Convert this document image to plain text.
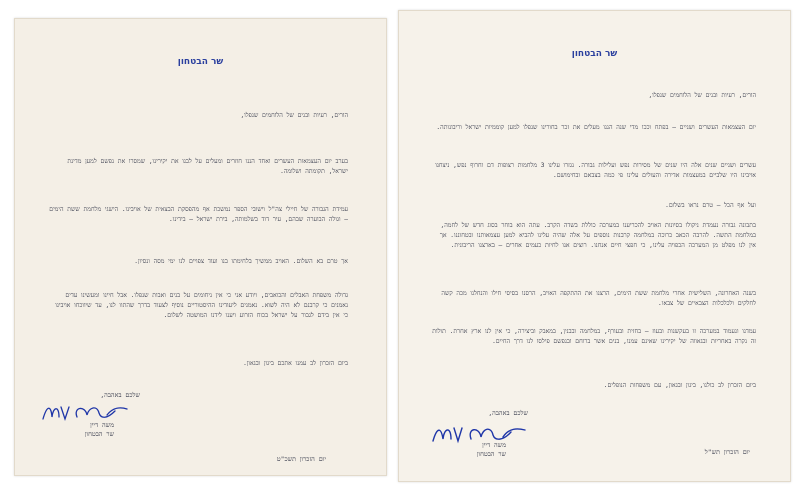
שר הבטחון
הורים, רעיות ובנים של הלוחמים שנפלו,
בערב יום העצמאות העשרים ואחד הננו חוזרים ומעלים על לבנו את יקירינו, שמסרו את נפשם למען מדינת ישראל, תקומתה ושלומה.
עמידת הגבורה של חיילי צה"ל וישובי הספר נמשכת אף מהפסקת הבצאית של אויבינו. הישגי מלחמת ששת הימים – וגולה הבוערה שבהם, עיר דוד בשלמותה, בירת ישראל – בידינו.
אך טרם בא השלום. האויב ממשיך בלחימתו בנו ועוד צפויים לנו ימי מסה ונסיון.
גדולה משפחת האבלים והכואבים, ויודע אני כי אין ניחומים על בנים ואבות שנפלו. אבל חיינו ומעשינו עדים נאמנים כי קרבנם לא היה לשוא. נאמנים ליעודינו ההיסטוריים נוסיף לצעוד בדרך שהתוו לנו, עד שיווכחו אויבינו כי אין בידם לגבור על ישראל בכוח הזרוע ויענו לידנו המושטה לשלום.
ביום הזכרון לב עמנו אתכם ביגון ובגאון.
שלכם באהבה,
משה דיין
שר הבטחון
יום הזכרון תשכ"ט
שר הבטחון
הורים, רעיות ובנים של הלוחמים שנפלו,
יום העצמאות העשרים ושניים – בפתח וככו מדי שנה הננו מעלים את זכר בחורינו שנפלו למען קוממיות ישראל וריבונותה.
עשרים ושניים שנים אלה היו שנים של מסירות נפש ועלילות גבורה. נגזרו עלינו 3 מלחמות רצופות דם וחרוף נפש, ניצחנו אויבינו היו שלביים במעצמות אדירה והעולים עלינו פי כמה בצבאם ובחימושם.
ועל אף הכל – טרם נראו בשלום.
בתבונה גבורה נעמדת ניקולו בסיונות האויב להכריענו במערכה כוללת בשדה הקרב. עתה הוא בוחר בסוג חדש של לחמה, במלחמת התשה. להרבה הכאב כרוכה במלחמה קרבנות נוספים על אלה שהיה עלינו להביא למען עצמאותנו ובטחוננו. אך אין לנו מפלט מן המערכה הכפויה עלינו, כי חפצי חיים אנחנו. רוצים אנו לחיות כעמים אחרים – בארצנו הריבונית.
בשנה האחרונה, השלישית אחרי מלחמת ששת הימים, הרצנו את ההתקפה האויב, הרסנו בסיסי חילו והנחלנו מכה קשה לחלקים ולכלכלות הצבאיים של צבאו.
עמדנו ונעמוד במערכה זו בעקשנות ובעוז – בחזית ובעורף, במלחמה ובבנין, במאבק וביצירה, כי אין לנו ארץ אחרת. תולות זה נקרה באחריות ובגאווה של יקירינו שאינם עמנו, בנים אשר ברוחם ובנפשם פילסו לנו דרך החיים.
ביום הזכרון לב כולנו, ביגון ובגאון, עם משפחות הנופלים.
שלכם באהבה,
משה דיין
שר הבטחון	יום הזכרון תש"ל
